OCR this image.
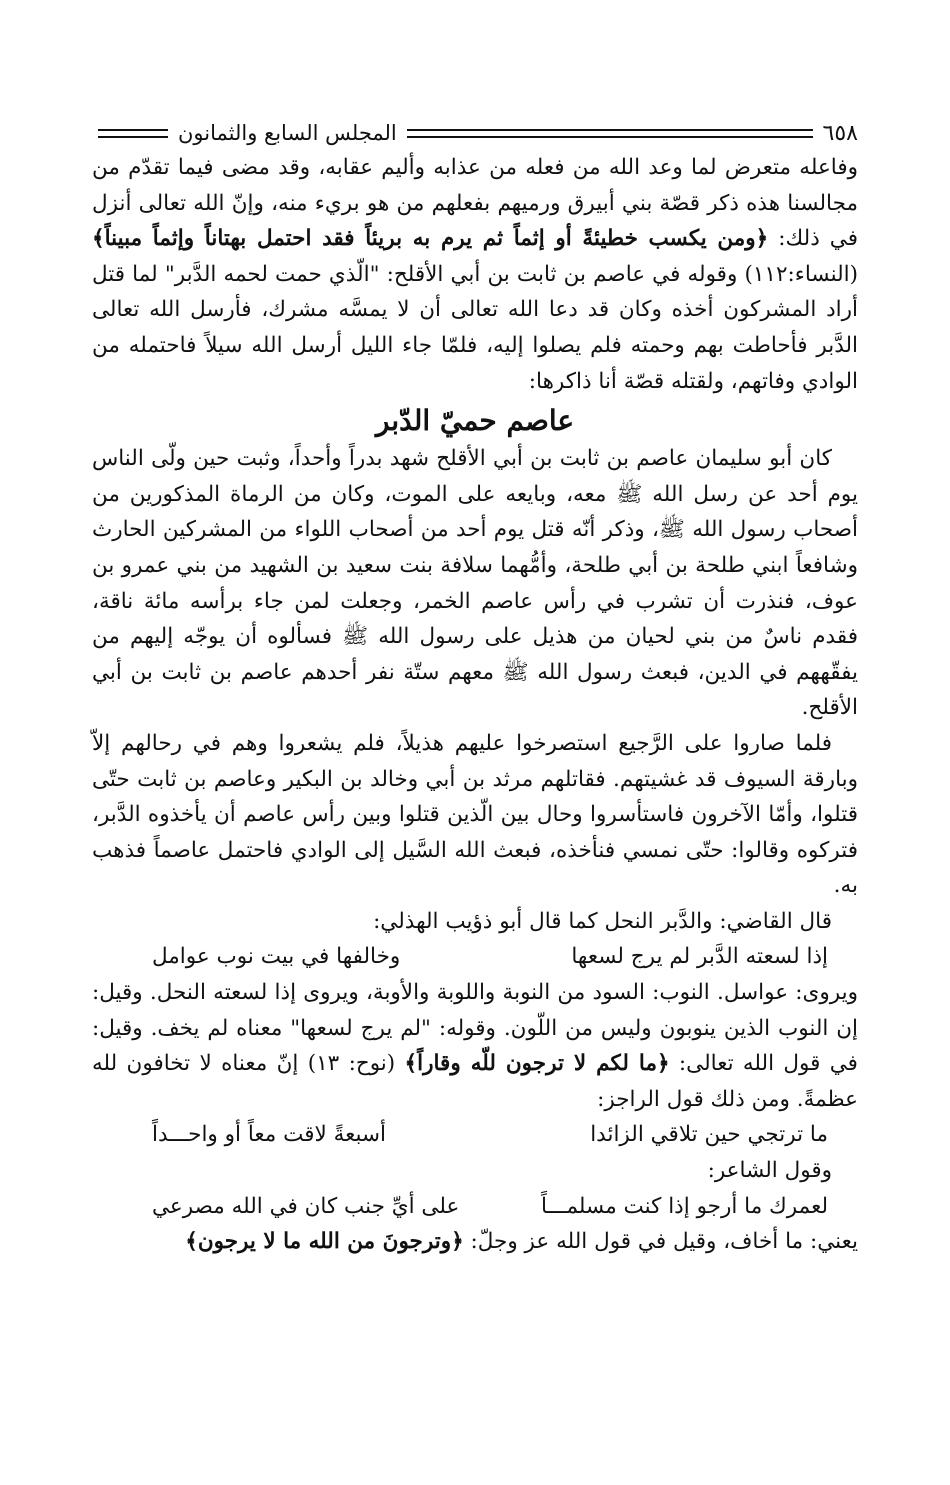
٦٥٨
المجلس السابع والثمانون

وفاعله متعرض لما وعد الله من فعله من عذابه وأليم عقابه، وقد مضى فيما تقدّم من مجالسنا هذه ذكر قصّة بني أبيرق ورميهم بفعلهم من هو بريء منه، وإنّ الله تعالى أنزل في ذلك: ﴿ومن يكسب خطيئةً أو إثماً ثم يرم به بريئاً فقد احتمل بهتاناً وإثماً مبيناً﴾ (النساء:١١٢) وقوله في عاصم بن ثابت بن أبي الأقلح: "الّذي حمت لحمه الدَّبر" لما قتل أراد المشركون أخذه وكان قد دعا الله تعالى أن لا يمسَّه مشرك، فأرسل الله تعالى الدَّبر فأحاطت بهم وحمته فلم يصلوا إليه، فلمّا جاء الليل أرسل الله سيلاً فاحتمله من الوادي وفاتهم، ولقتله قصّة أنا ذاكرها:

عاصم حميّ الدّبر

كان أبو سليمان عاصم بن ثابت بن أبي الأقلح شهد بدراً وأحداً، وثبت حين ولّى الناس يوم أحد عن رسل الله ﷺ معه، وبايعه على الموت، وكان من الرماة المذكورين من أصحاب رسول الله ﷺ، وذكر أنّه قتل يوم أحد من أصحاب اللواء من المشركين الحارث وشافعاً ابني طلحة بن أبي طلحة، وأمُّهما سلافة بنت سعيد بن الشهيد من بني عمرو بن عوف، فنذرت أن تشرب في رأس عاصم الخمر، وجعلت لمن جاء برأسه مائة ناقة، فقدم ناسٌ من بني لحيان من هذيل على رسول الله ﷺ فسألوه أن يوجّه إليهم من يفقّههم في الدين، فبعث رسول الله ﷺ معهم ستّة نفر أحدهم عاصم بن ثابت بن أبي الأقلح.

فلما صاروا على الرَّجيع استصرخوا عليهم هذيلاً، فلم يشعروا وهم في رحالهم إلاّ وبارقة السيوف قد غشيتهم. فقاتلهم مرثد بن أبي وخالد بن البكير وعاصم بن ثابت حتّى قتلوا، وأمّا الآخرون فاستأسروا وحال بين الّذين قتلوا وبين رأس عاصم أن يأخذوه الدَّبر، فتركوه وقالوا: حتّى نمسي فنأخذه، فبعث الله السَّيل إلى الوادي فاحتمل عاصماً فذهب به.

قال القاضي: والدَّبر النحل كما قال أبو ذؤيب الهذلي:

إذا لسعته الدَّبر لم يرج لسعها
وخالفها في بيت نوب عوامل

ويروى: عواسل. النوب: السود من النوبة واللوبة والأوبة، ويروى إذا لسعته النحل. وقيل: إن النوب الذين ينوبون وليس من اللّون. وقوله: "لم يرج لسعها" معناه لم يخف. وقيل: في قول الله تعالى: ﴿ما لكم لا ترجون للّه وقاراً﴾ (نوح: ١٣) إنّ معناه لا تخافون لله عظمةً. ومن ذلك قول الراجز:

ما ترتجي حين تلاقي الزائدا
أسبعةً لاقت معاً أو واحـــداً

وقول الشاعر:

لعمرك ما أرجو إذا كنت مسلمـــاً
على أيِّ جنب كان في الله مصرعي

يعني: ما أخاف، وقيل في قول الله عز وجلّ: ﴿وترجونَ من الله ما لا يرجون﴾
